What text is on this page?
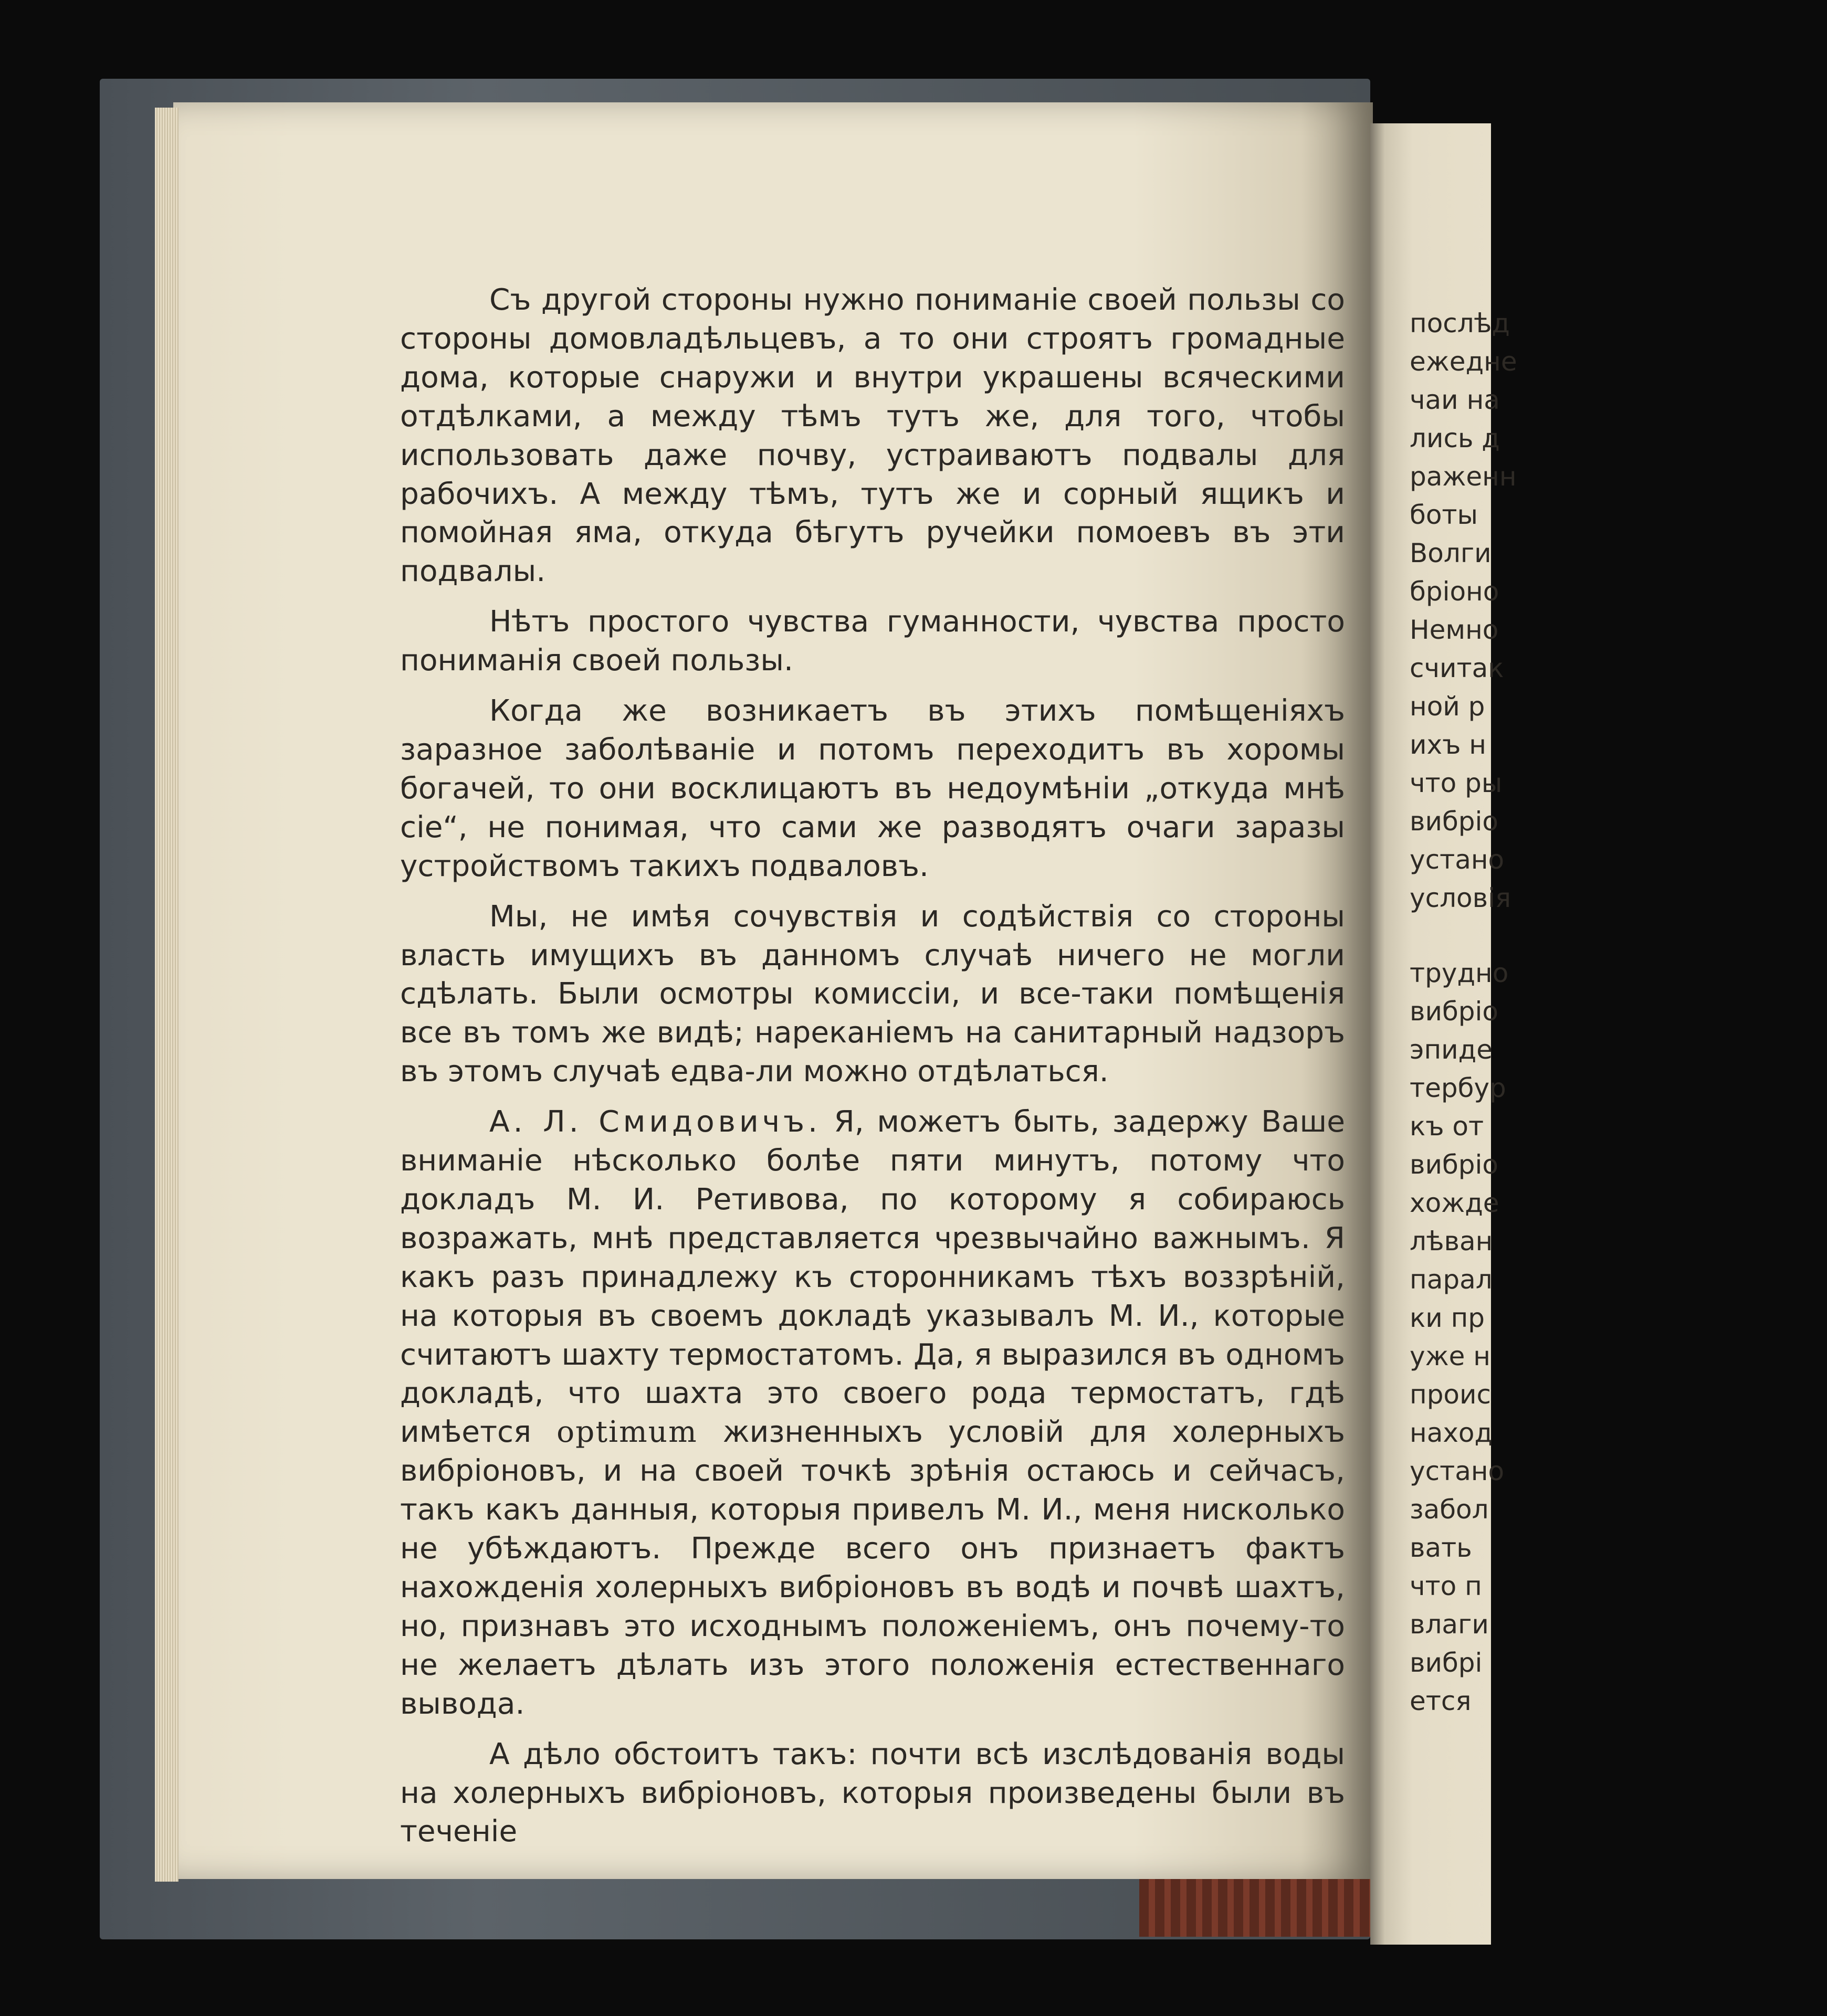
Съ другой стороны нужно пониманіе своей пользы со стороны домовладѣльцевъ, а то они строятъ громадные дома, которые снаружи и внутри украшены всяческими отдѣлками, а между тѣмъ тутъ же, для того, чтобы использовать даже почву, устраиваютъ подвалы для рабочихъ. А между тѣмъ, тутъ же и сорный ящикъ и помойная яма, откуда бѣгутъ ручейки помоевъ въ эти подвалы.

Нѣтъ простого чувства гуманности, чувства просто пониманія своей пользы.

Когда же возникаетъ въ этихъ помѣщеніяхъ заразное заболѣваніе и потомъ переходитъ въ хоромы богачей, то они восклицаютъ въ недоумѣніи „откуда мнѣ сіе“, не понимая, что сами же разводятъ очаги заразы устройствомъ такихъ подваловъ.

Мы, не имѣя сочувствія и содѣйствія со стороны власть имущихъ въ данномъ случаѣ ничего не могли сдѣлать. Были осмотры комиссіи, и все-таки помѣщенія все въ томъ же видѣ; нареканіемъ на санитарный надзоръ въ этомъ случаѣ едва-ли можно отдѣлаться.

А. Л. Смидовичъ. Я, можетъ быть, задержу Ваше вниманіе нѣсколько болѣе пяти минутъ, потому что докладъ М. И. Ретивова, по которому я собираюсь возражать, мнѣ представляется чрезвычайно важнымъ. Я какъ разъ принадлежу къ сторонникамъ тѣхъ воззрѣній, на которыя въ своемъ докладѣ указывалъ М. И., которые считаютъ шахту термостатомъ. Да, я выразился въ одномъ докладѣ, что шахта это своего рода термостатъ, гдѣ имѣется optimum жизненныхъ условій для холерныхъ вибріоновъ, и на своей точкѣ зрѣнія остаюсь и сейчасъ, такъ какъ данныя, которыя привелъ М. И., меня нисколько не убѣждаютъ. Прежде всего онъ признаетъ фактъ нахожденія холерныхъ вибріоновъ въ водѣ и почвѣ шахтъ, но, признавъ это исходнымъ положеніемъ, онъ почему-то не желаетъ дѣлать изъ этого положенія естественнаго вывода.

А дѣло обстоитъ такъ: почти всѣ изслѣдованія воды на холерныхъ вибріоновъ, которыя произведены были въ теченіе

послѣд
ежедне
чаи на
лись д
раженн
боты
Волги
бріоно
Немно
считак
ной р
ихъ н
что ры
вибріо
устано
условія
трудно
вибріо
эпиде
тербур
къ от
вибріо
хожде
лѣван
парал
ки пр
уже н
проис
наход
устано
забол
вать
что п
влаги
вибрі
ется
